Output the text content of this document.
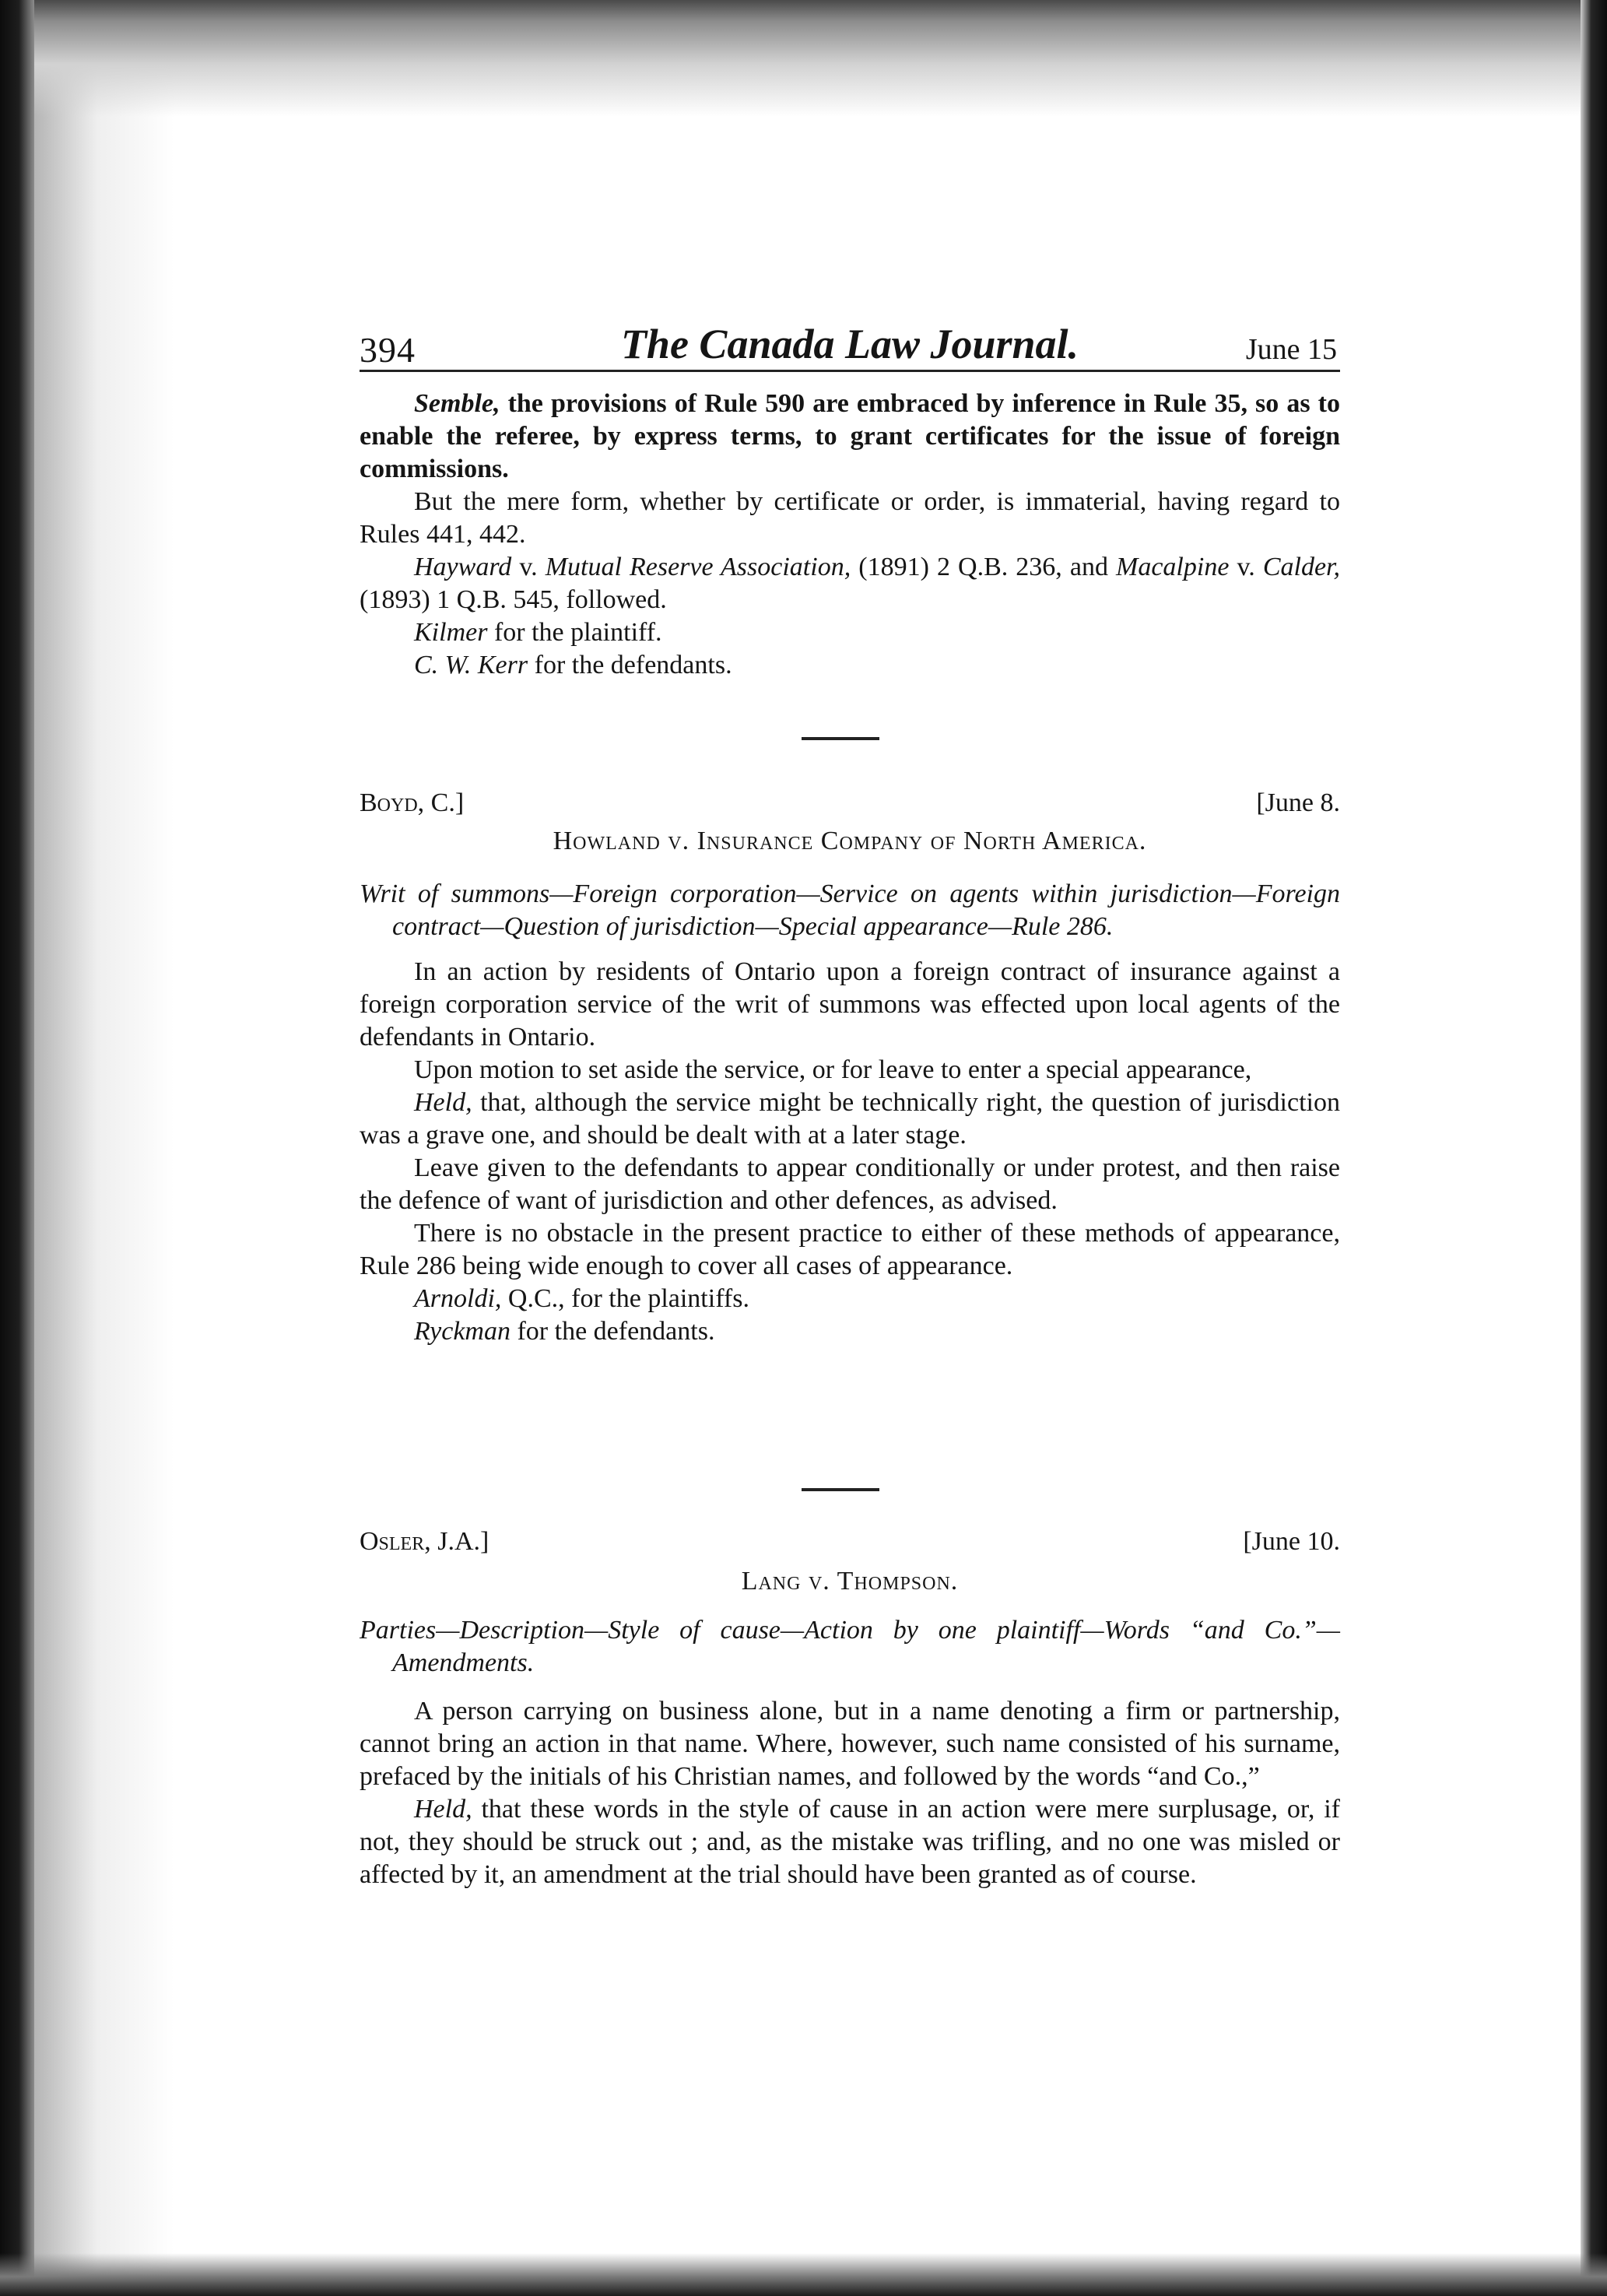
394	The Canada Law Journal.	June 15

Semble, the provisions of Rule 590 are embraced by inference in Rule 35, so as to enable the referee, by express terms, to grant certificates for the issue of foreign commissions.

But the mere form, whether by certificate or order, is immaterial, having regard to Rules 441, 442.

Hayward v. Mutual Reserve Association, (1891) 2 Q.B. 236, and Macalpine v. Calder, (1893) 1 Q.B. 545, followed.

Kilmer for the plaintiff.

C. W. Kerr for the defendants.

Boyd, C.]	[June 8.
Howland v. Insurance Company of North America.

Writ of summons—Foreign corporation—Service on agents within jurisdiction—Foreign contract—Question of jurisdiction—Special appearance—Rule 286.

In an action by residents of Ontario upon a foreign contract of insurance against a foreign corporation service of the writ of summons was effected upon local agents of the defendants in Ontario.

Upon motion to set aside the service, or for leave to enter a special appearance,

Held, that, although the service might be technically right, the question of jurisdiction was a grave one, and should be dealt with at a later stage.

Leave given to the defendants to appear conditionally or under protest, and then raise the defence of want of jurisdiction and other defences, as advised.

There is no obstacle in the present practice to either of these methods of appearance, Rule 286 being wide enough to cover all cases of appearance.

Arnoldi, Q.C., for the plaintiffs.

Ryckman for the defendants.

Osler, J.A.]	[June 10.
Lang v. Thompson.

Parties—Description—Style of cause—Action by one plaintiff—Words “and Co.”—Amendments.

A person carrying on business alone, but in a name denoting a firm or partnership, cannot bring an action in that name. Where, however, such name consisted of his surname, prefaced by the initials of his Christian names, and followed by the words “and Co.,”

Held, that these words in the style of cause in an action were mere surplusage, or, if not, they should be struck out ; and, as the mistake was trifling, and no one was misled or affected by it, an amendment at the trial should have been granted as of course.
